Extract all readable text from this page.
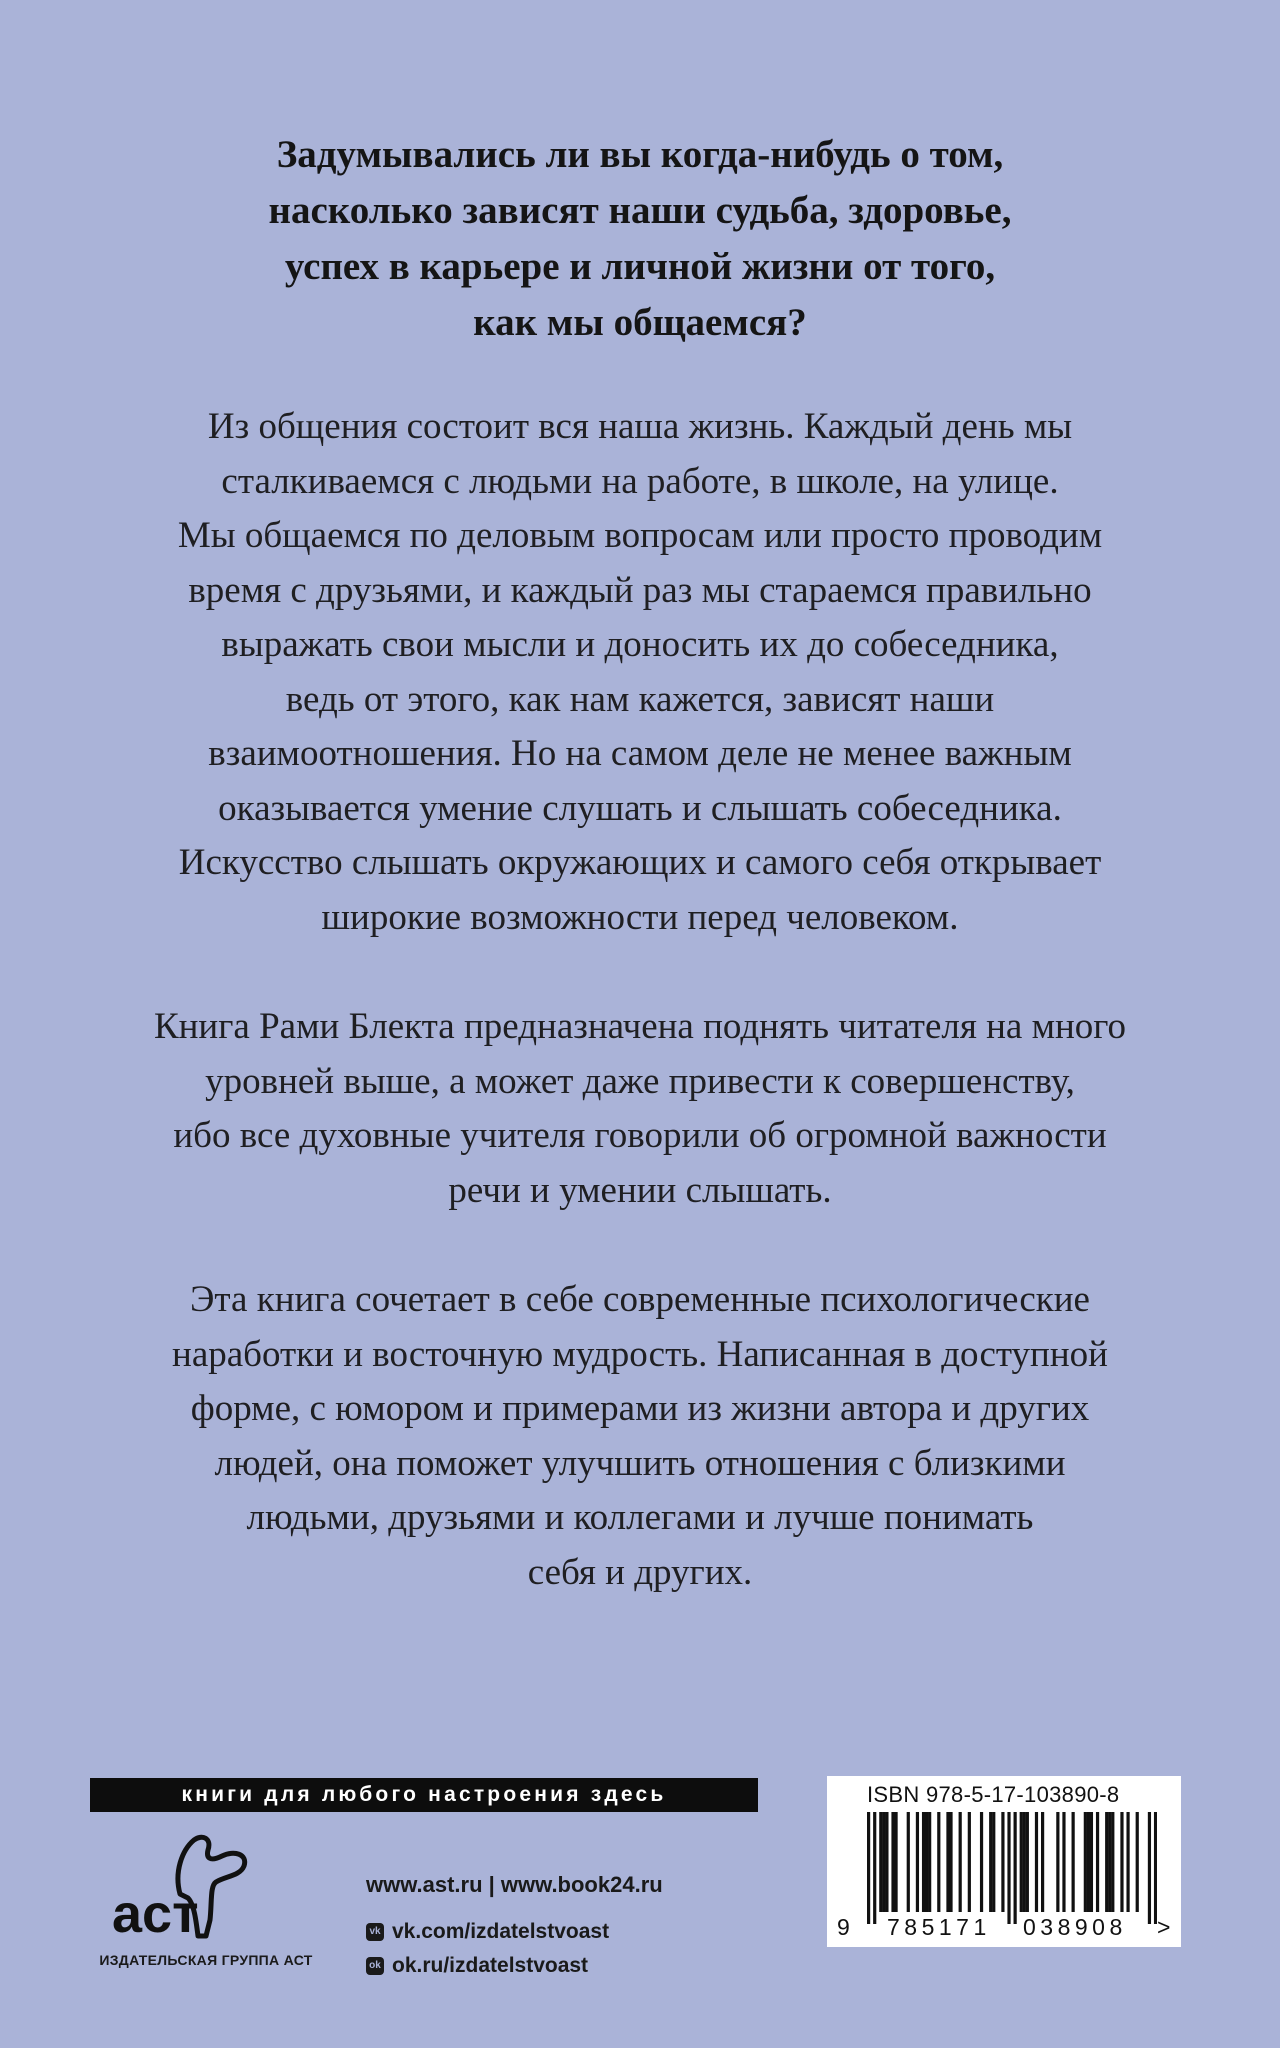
Задумывались ли вы когда-нибудь о том,
насколько зависят наши судьба, здоровье,
успех в карьере и личной жизни от того,
как мы общаемся?
Из общения состоит вся наша жизнь. Каждый день мы
сталкиваемся с людьми на работе, в школе, на улице.
Мы общаемся по деловым вопросам или просто проводим
время с друзьями, и каждый раз мы стараемся правильно
выражать свои мысли и доносить их до собеседника,
ведь от этого, как нам кажется, зависят наши
взаимоотношения. Но на самом деле не менее важным
оказывается умение слушать и слышать собеседника.
Искусство слышать окружающих и самого себя открывает
широкие возможности перед человеком.
Книга Рами Блекта предназначена поднять читателя на много
уровней выше, а может даже привести к совершенству,
ибо все духовные учителя говорили об огромной важности
речи и умении слышать.
Эта книга сочетает в себе современные психологические
наработки и восточную мудрость. Написанная в доступной
форме, с юмором и примерами из жизни автора и других
людей, она поможет улучшить отношения с близкими
людьми, друзьями и коллегами и лучше понимать
себя и других.
книги для любого настроения здесь
аст
ИЗДАТЕЛЬСКАЯ ГРУППА АСТ
www.ast.ru | www.book24.ru
vk vk.com/izdatelstvoast
ok ok.ru/izdatelstvoast
ISBN 978-5-17-103890-8
9 785171 038908 >
